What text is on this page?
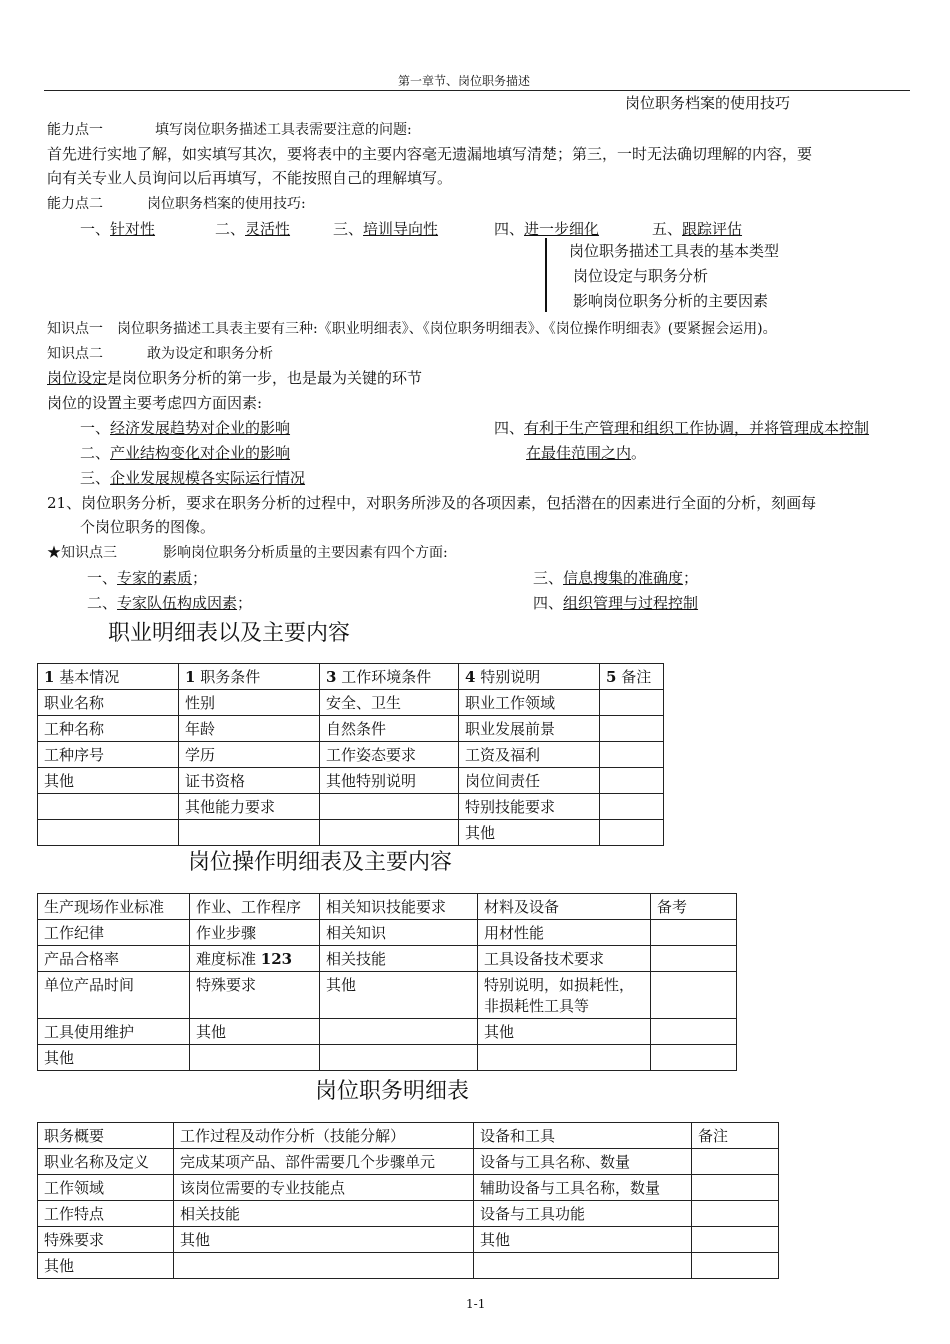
第一章节、岗位职务描述
岗位职务档案的使用技巧
能力点一	填写岗位职务描述工具表需要注意的问题:
首先进行实地了解，如实填写其次，要将表中的主要内容毫无遗漏地填写清楚；第三，一时无法确切理解的内容，要
向有关专业人员询问以后再填写，不能按照自己的理解填写。
能力点二	岗位职务档案的使用技巧:
一、针对性	二、灵活性	三、培训导向性	四、进一步细化	五、跟踪评估
岗位职务描述工具表的基本类型
岗位设定与职务分析
影响岗位职务分析的主要因素
知识点一　岗位职务描述工具表主要有三种:《职业明细表》、《岗位职务明细表》、《岗位操作明细表》(要紧握会运用)。
知识点二	敢为设定和职务分析
岗位设定是岗位职务分析的第一步，也是最为关键的环节
岗位的设置主要考虑四方面因素:
一、经济发展趋势对企业的影响
二、产业结构变化对企业的影响
三、企业发展规模各实际运行情况
四、有利于生产管理和组织工作协调，并将管理成本控制
在最佳范围之内。
21、岗位职务分析，要求在职务分析的过程中，对职务所涉及的各项因素，包括潜在的因素进行全面的分析，刻画每
个岗位职务的图像。
★知识点三	影响岗位职务分析质量的主要因素有四个方面:
一、专家的素质；
二、专家队伍构成因素；
三、信息搜集的准确度；
四、组织管理与过程控制
职业明细表以及主要内容
1 基本情况	1 职务条件	3 工作环境条件	4 特别说明	5 备注
职业名称	性别	安全、卫生	职业工作领域	
工种名称	年龄	自然条件	职业发展前景	
工种序号	学历	工作姿态要求	工资及福利	
其他	证书资格	其他特别说明	岗位间责任	
	其他能力要求		特别技能要求	
			其他	
岗位操作明细表及主要内容
生产现场作业标准	作业、工作程序	相关知识技能要求	材料及设备	备考
工作纪律	作业步骤	相关知识	用材性能	
产品合格率	难度标准 123	相关技能	工具设备技术要求	
单位产品时间	特殊要求	其他	特别说明，如损耗性，
非损耗性工具等	

工具使用维护	其他		其他	
其他				
岗位职务明细表
职务概要	工作过程及动作分析（技能分解）	设备和工具	备注
职业名称及定义	完成某项产品、部件需要几个步骤单元	设备与工具名称、数量	
工作领域	该岗位需要的专业技能点	辅助设备与工具名称，数量	
工作特点	相关技能	设备与工具功能	
特殊要求	其他	其他	
其他			
1-1
